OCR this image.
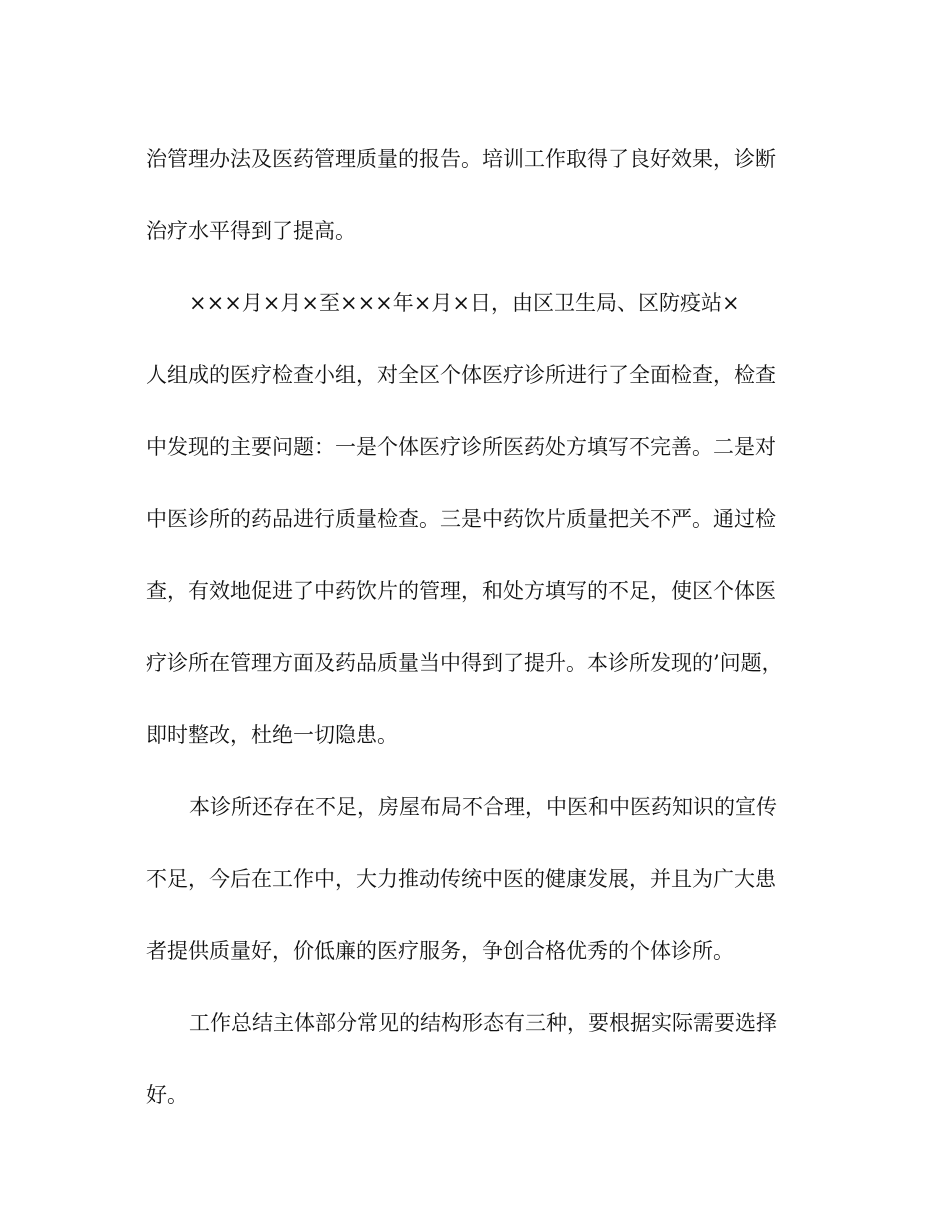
治管理办法及医药管理质量的报告。培训工作取得了良好效果，诊断
治疗水平得到了提高。
×××月×月×至×××年×月×日，由区卫生局、区防疫站×
人组成的医疗检查小组，对全区个体医疗诊所进行了全面检查，检查
中发现的主要问题：一是个体医疗诊所医药处方填写不完善。二是对
中医诊所的药品进行质量检查。三是中药饮片质量把关不严。通过检
查，有效地促进了中药饮片的管理，和处方填写的不足，使区个体医
疗诊所在管理方面及药品质量当中得到了提升。本诊所发现的’问题，
即时整改，杜绝一切隐患。
本诊所还存在不足，房屋布局不合理，中医和中医药知识的宣传
不足，今后在工作中，大力推动传统中医的健康发展，并且为广大患
者提供质量好，价低廉的医疗服务，争创合格优秀的个体诊所。
工作总结主体部分常见的结构形态有三种，要根据实际需要选择
好。
